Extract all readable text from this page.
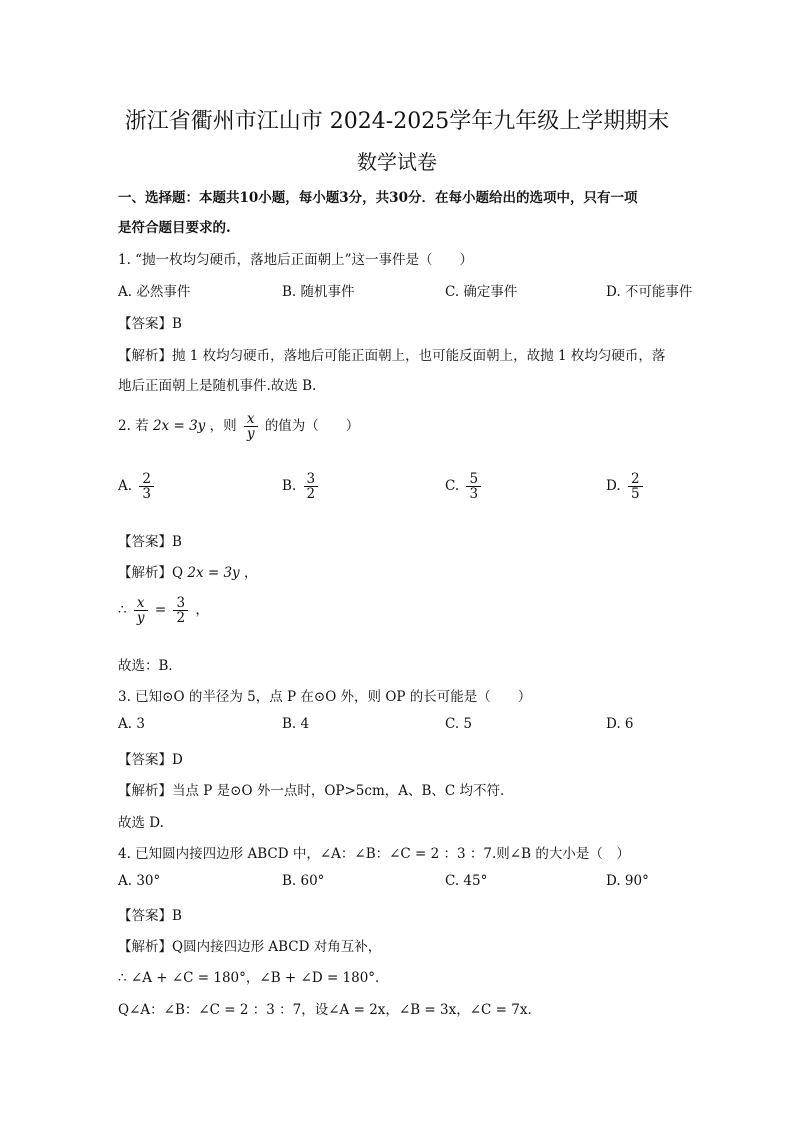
浙江省衢州市江山市 2024-2025学年九年级上学期期末
数学试卷
一、选择题：本题共10小题，每小题3分，共30分．在每小题给出的选项中，只有一项
是符合题目要求的.
1. “抛一枚均匀硬币，落地后正面朝上”这一事件是（　　）
A. 必然事件	B. 随机事件	C. 确定事件	D. 不可能事件
【答案】B
【解析】抛 1 枚均匀硬币，落地后可能正面朝上，也可能反面朝上，故抛 1 枚均匀硬币，落
地后正面朝上是随机事件.故选 B.
2. 若 2x = 3y ，则 $\frac{x}{y}$ 的值为（　　）
A. $\frac{2}{3}$	B. $\frac{3}{2}$	C. $\frac{5}{3}$	D. $\frac{2}{5}$
【答案】B
【解析】Q 2x = 3y ，
∴ $\frac{x}{y} = \frac{3}{2}$ ，
故选：B．
3. 已知⊙O 的半径为 5，点 P 在⊙O 外，则 OP 的长可能是（　　）
A. 3	B. 4	C. 5	D. 6
【答案】D
【解析】当点 P 是⊙O 外一点时，OP>5cm，A、B、C 均不符.
故选 D.
4. 已知圆内接四边形 ABCD 中，∠A：∠B：∠C = 2 ：3 ：7.则∠B 的大小是（　）
A. 30°	B. 60°	C. 45°	D. 90°
【答案】B
【解析】Q圆内接四边形 ABCD 对角互补，
∴ ∠A + ∠C = 180°，∠B + ∠D = 180°．
Q∠A：∠B：∠C = 2 ：3 ：7，设∠A = 2x，∠B = 3x，∠C = 7x．
